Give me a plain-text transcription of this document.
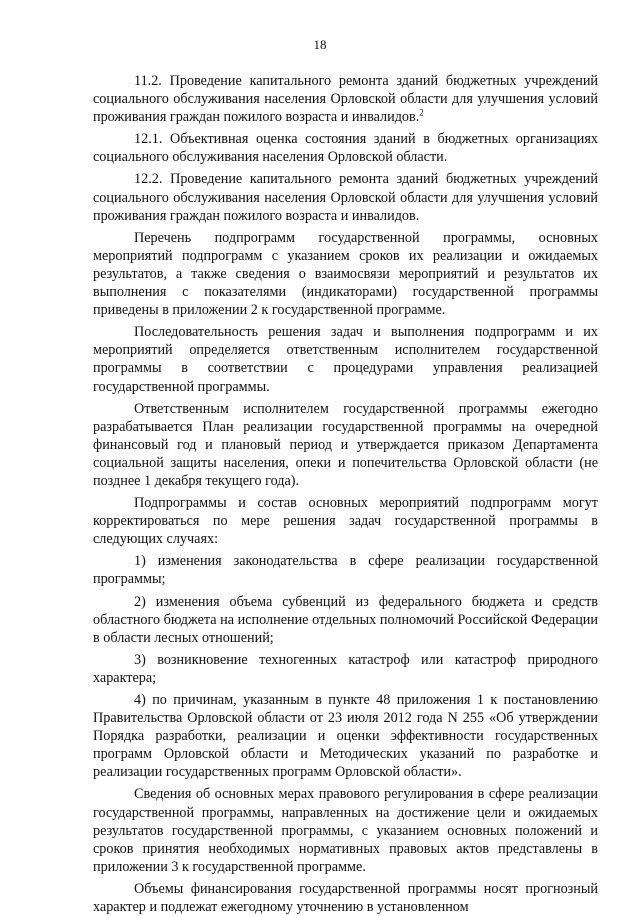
18

11.2. Проведение капитального ремонта зданий бюджетных учреждений социального обслуживания населения Орловской области для улучшения условий проживания граждан пожилого возраста и инвалидов.$^2$

12.1. Объективная оценка состояния зданий в бюджетных организациях социального обслуживания населения Орловской области.

12.2. Проведение капитального ремонта зданий бюджетных учреждений социального обслуживания населения Орловской области для улучшения условий проживания граждан пожилого возраста и инвалидов.

Перечень подпрограмм государственной программы, основных мероприятий подпрограмм с указанием сроков их реализации и ожидаемых результатов, а также сведения о взаимосвязи мероприятий и результатов их выполнения с показателями (индикаторами) государственной программы приведены в приложении 2 к государственной программе.

Последовательность решения задач и выполнения подпрограмм и их мероприятий определяется ответственным исполнителем государственной программы в соответствии с процедурами управления реализацией государственной программы.

Ответственным исполнителем государственной программы ежегодно разрабатывается План реализации государственной программы на очередной финансовый год и плановый период и утверждается приказом Департамента социальной защиты населения, опеки и попечительства Орловской области (не позднее 1 декабря текущего года).

Подпрограммы и состав основных мероприятий подпрограмм могут корректироваться по мере решения задач государственной программы в следующих случаях:

1) изменения законодательства в сфере реализации государственной программы;

2) изменения объема субвенций из федерального бюджета и средств областного бюджета на исполнение отдельных полномочий Российской Федерации в области лесных отношений;

3) возникновение техногенных катастроф или катастроф природного характера;

4) по причинам, указанным в пункте 48 приложения 1 к постановлению Правительства Орловской области от 23 июля 2012 года N 255 «Об утверждении Порядка разработки, реализации и оценки эффективности государственных программ Орловской области и Методических указаний по разработке и реализации государственных программ Орловской области».

Сведения об основных мерах правового регулирования в сфере реализации государственной программы, направленных на достижение цели и ожидаемых результатов государственной программы, с указанием основных положений и сроков принятия необходимых нормативных правовых актов представлены в приложении 3 к государственной программе.

Объемы финансирования государственной программы носят прогнозный характер и подлежат ежегодному уточнению в установленном
